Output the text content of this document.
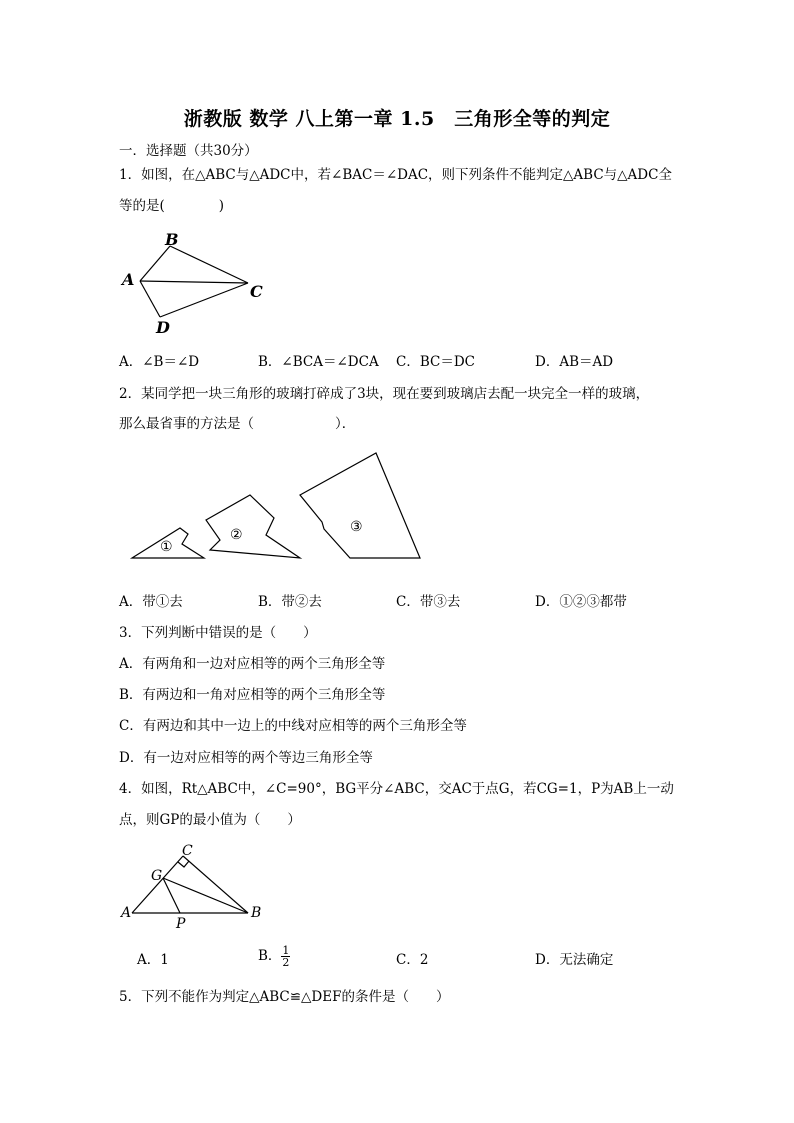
浙教版 数学 八上第一章 1.5　三角形全等的判定
一．选择题（共30分）
1．如图，在△ABC与△ADC中，若∠BAC＝∠DAC，则下列条件不能判定△ABC与△ADC全
等的是(　　　　)
B
A
C
D
A．∠B＝∠D	B．∠BCA＝∠DCA C．BC＝DC	D．AB＝AD
2．某同学把一块三角形的玻璃打碎成了3块，现在要到玻璃店去配一块完全一样的玻璃，
那么最省事的方法是（　　　　　　）．
①
②	③
A．带①去	B．带②去	C．带③去	D．①②③都带
3．下列判断中错误的是（　　）
A．有两角和一边对应相等的两个三角形全等
B．有两边和一角对应相等的两个三角形全等
C．有两边和其中一边上的中线对应相等的两个三角形全等
D．有一边对应相等的两个等边三角形全等
4．如图，Rt△ABC中，∠C=90°，BG平分∠ABC，交AC于点G，若CG=1，P为AB上一动
点，则GP的最小值为（　　）
C
G
A	B
P
A．1	B． $\frac{1}{2}$	C．2	D．无法确定
5．下列不能作为判定△ABC≌△DEF的条件是（　　）
